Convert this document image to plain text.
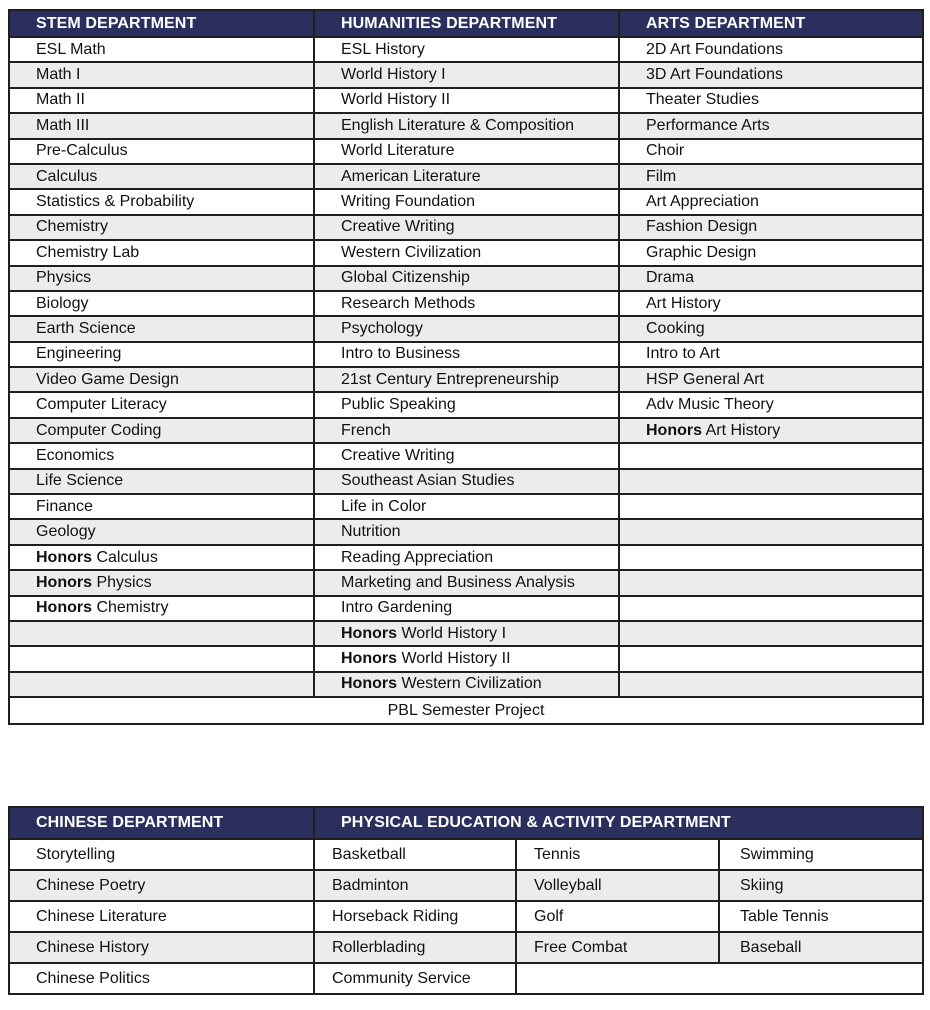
STEM DEPARTMENT	HUMANITIES DEPARTMENT	ARTS DEPARTMENT
ESL Math	ESL History	2D Art Foundations
Math I	World History I	3D Art Foundations
Math II	World History II	Theater Studies
Math III	English Literature & Composition	Performance Arts
Pre-Calculus	World Literature	Choir
Calculus	American Literature	Film
Statistics & Probability	Writing Foundation	Art Appreciation
Chemistry	Creative Writing	Fashion Design
Chemistry Lab	Western Civilization	Graphic Design
Physics	Global Citizenship	Drama
Biology	Research Methods	Art History
Earth Science	Psychology	Cooking
Engineering	Intro to Business	Intro to Art
Video Game Design	21st Century Entrepreneurship	HSP General Art
Computer Literacy	Public Speaking	Adv Music Theory
Computer Coding	French	Honors Art History
Economics	Creative Writing	
Life Science	Southeast Asian Studies	
Finance	Life in Color	
Geology	Nutrition	
Honors Calculus	Reading Appreciation	
Honors Physics	Marketing and Business Analysis	
Honors Chemistry	Intro Gardening	
	Honors World History I	
	Honors World History II	
	Honors Western Civilization	
PBL Semester Project		
CHINESE DEPARTMENT	PHYSICAL EDUCATION & ACTIVITY DEPARTMENT		
Storytelling	Basketball	Tennis	Swimming
Chinese Poetry	Badminton	Volleyball	Skiing
Chinese Literature	Horseback Riding	Golf	Table Tennis
Chinese History	Rollerblading	Free Combat	Baseball
Chinese Politics	Community Service		
